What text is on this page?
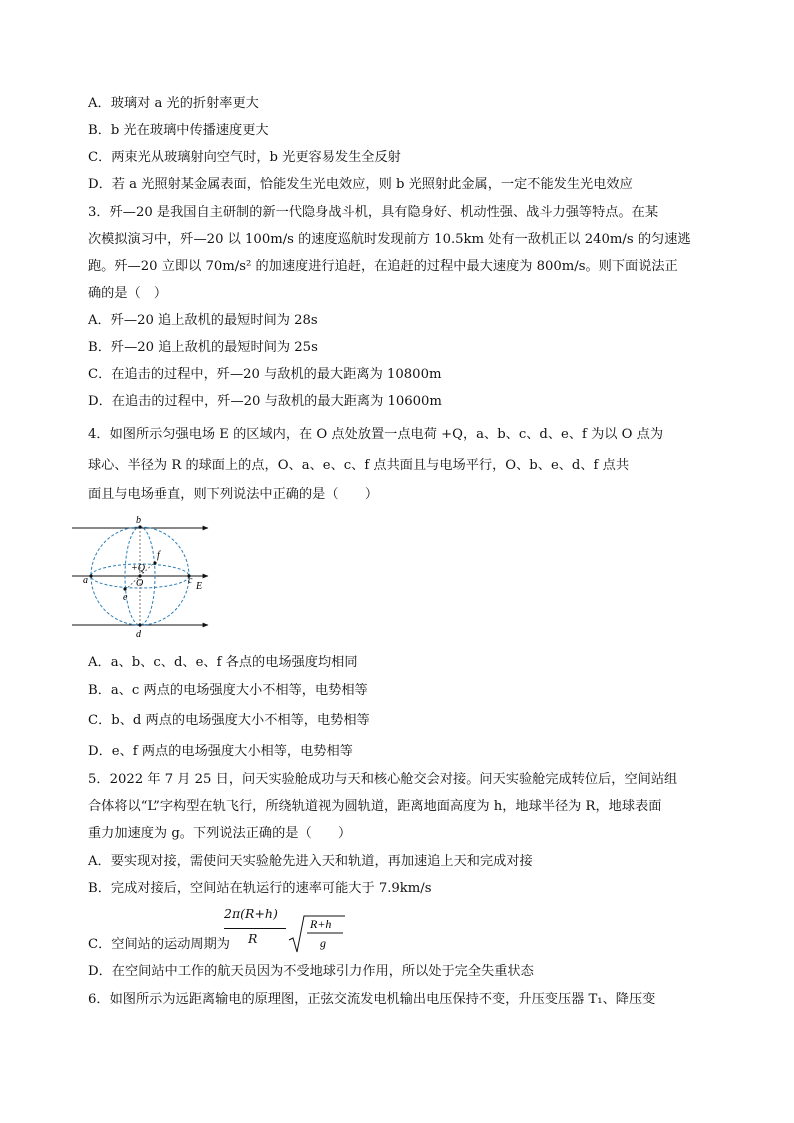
A．玻璃对 a 光的折射率更大
B．b 光在玻璃中传播速度更大
C．两束光从玻璃射向空气时，b 光更容易发生全反射
D．若 a 光照射某金属表面，恰能发生光电效应，则 b 光照射此金属，一定不能发生光电效应
3．歼—20 是我国自主研制的新一代隐身战斗机，具有隐身好、机动性强、战斗力强等特点。在某
次模拟演习中，歼—20 以 100m/s 的速度巡航时发现前方 10.5km 处有一敌机正以 240m/s 的匀速逃
跑。歼—20 立即以 70m/s² 的加速度进行追赶，在追赶的过程中最大速度为 800m/s。则下面说法正
确的是（　）
A．歼—20 追上敌机的最短时间为 28s
B．歼—20 追上敌机的最短时间为 25s
C．在追击的过程中，歼—20 与敌机的最大距离为 10800m
D．在追击的过程中，歼—20 与敌机的最大距离为 10600m
4．如图所示匀强电场 E 的区域内，在 O 点处放置一点电荷 +Q，a、b、c、d、e、f 为以 O 点为
球心、半径为 R 的球面上的点，O、a、e、c、f 点共面且与电场平行，O、b、e、d、f 点共
面且与电场垂直，则下列说法中正确的是（　　）
b
f
+Q
a	O	c
E
e
d
A．a、b、c、d、e、f 各点的电场强度均相同
B．a、c 两点的电场强度大小不相等，电势相等
C．b、d 两点的电场强度大小不相等，电势相等
D．e、f 两点的电场强度大小相等，电势相等
5．2022 年 7 月 25 日，问天实验舱成功与天和核心舱交会对接。问天实验舱完成转位后，空间站组
合体将以“L”字构型在轨飞行，所绕轨道视为圆轨道，距离地面高度为 h，地球半径为 R，地球表面
重力加速度为 g。下列说法正确的是（　　）
A．要实现对接，需使问天实验舱先进入天和轨道，再加速追上天和完成对接
B．完成对接后，空间站在轨运行的速率可能大于 7.9km/s
C．空间站的运动周期为
2π(R+h)
R
R+h
g
D．在空间站中工作的航天员因为不受地球引力作用，所以处于完全失重状态
6．如图所示为远距离输电的原理图，正弦交流发电机输出电压保持不变，升压变压器 T₁、降压变
